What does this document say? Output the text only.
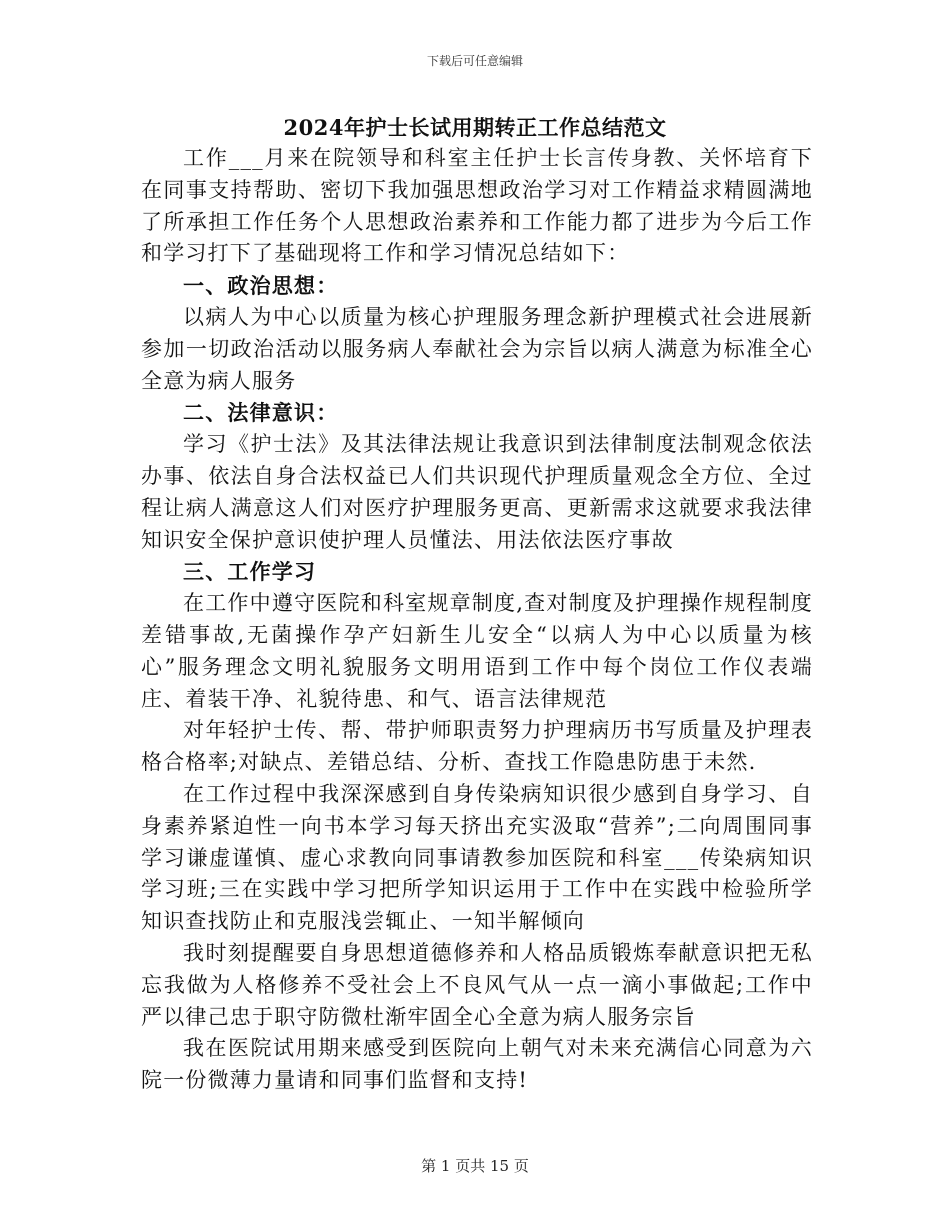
下载后可任意编辑
2024年护士长试用期转正工作总结范文

工作___月来在院领导和科室主任护士长言传身教、关怀培育下在同事支持帮助、密切下我加强思想政治学习对工作精益求精圆满地了所承担工作任务个人思想政治素养和工作能力都了进步为今后工作和学习打下了基础现将工作和学习情况总结如下：

一、政治思想：

以病人为中心以质量为核心护理服务理念新护理模式社会进展新参加一切政治活动以服务病人奉献社会为宗旨以病人满意为标准全心全意为病人服务

二、法律意识：

学习《护士法》及其法律法规让我意识到法律制度法制观念依法办事、依法自身合法权益已人们共识现代护理质量观念全方位、全过程让病人满意这人们对医疗护理服务更高、更新需求这就要求我法律知识安全保护意识使护理人员懂法、用法依法医疗事故

三、工作学习

在工作中遵守医院和科室规章制度,查对制度及护理操作规程制度差错事故,无菌操作孕产妇新生儿安全“以病人为中心以质量为核心”服务理念文明礼貌服务文明用语到工作中每个岗位工作仪表端庄、着装干净、礼貌待患、和气、语言法律规范

对年轻护士传、帮、带护师职责努力护理病历书写质量及护理表格合格率;对缺点、差错总结、分析、查找工作隐患防患于未然.

在工作过程中我深深感到自身传染病知识很少感到自身学习、自身素养紧迫性一向书本学习每天挤出充实汲取“营养”;二向周围同事学习谦虚谨慎、虚心求教向同事请教参加医院和科室___传染病知识学习班;三在实践中学习把所学知识运用于工作中在实践中检验所学知识查找防止和克服浅尝辄止、一知半解倾向

我时刻提醒要自身思想道德修养和人格品质锻炼奉献意识把无私忘我做为人格修养不受社会上不良风气从一点一滴小事做起;工作中严以律己忠于职守防微杜渐牢固全心全意为病人服务宗旨

我在医院试用期来感受到医院向上朝气对未来充满信心同意为六院一份微薄力量请和同事们监督和支持!

第 1 页共 15 页
